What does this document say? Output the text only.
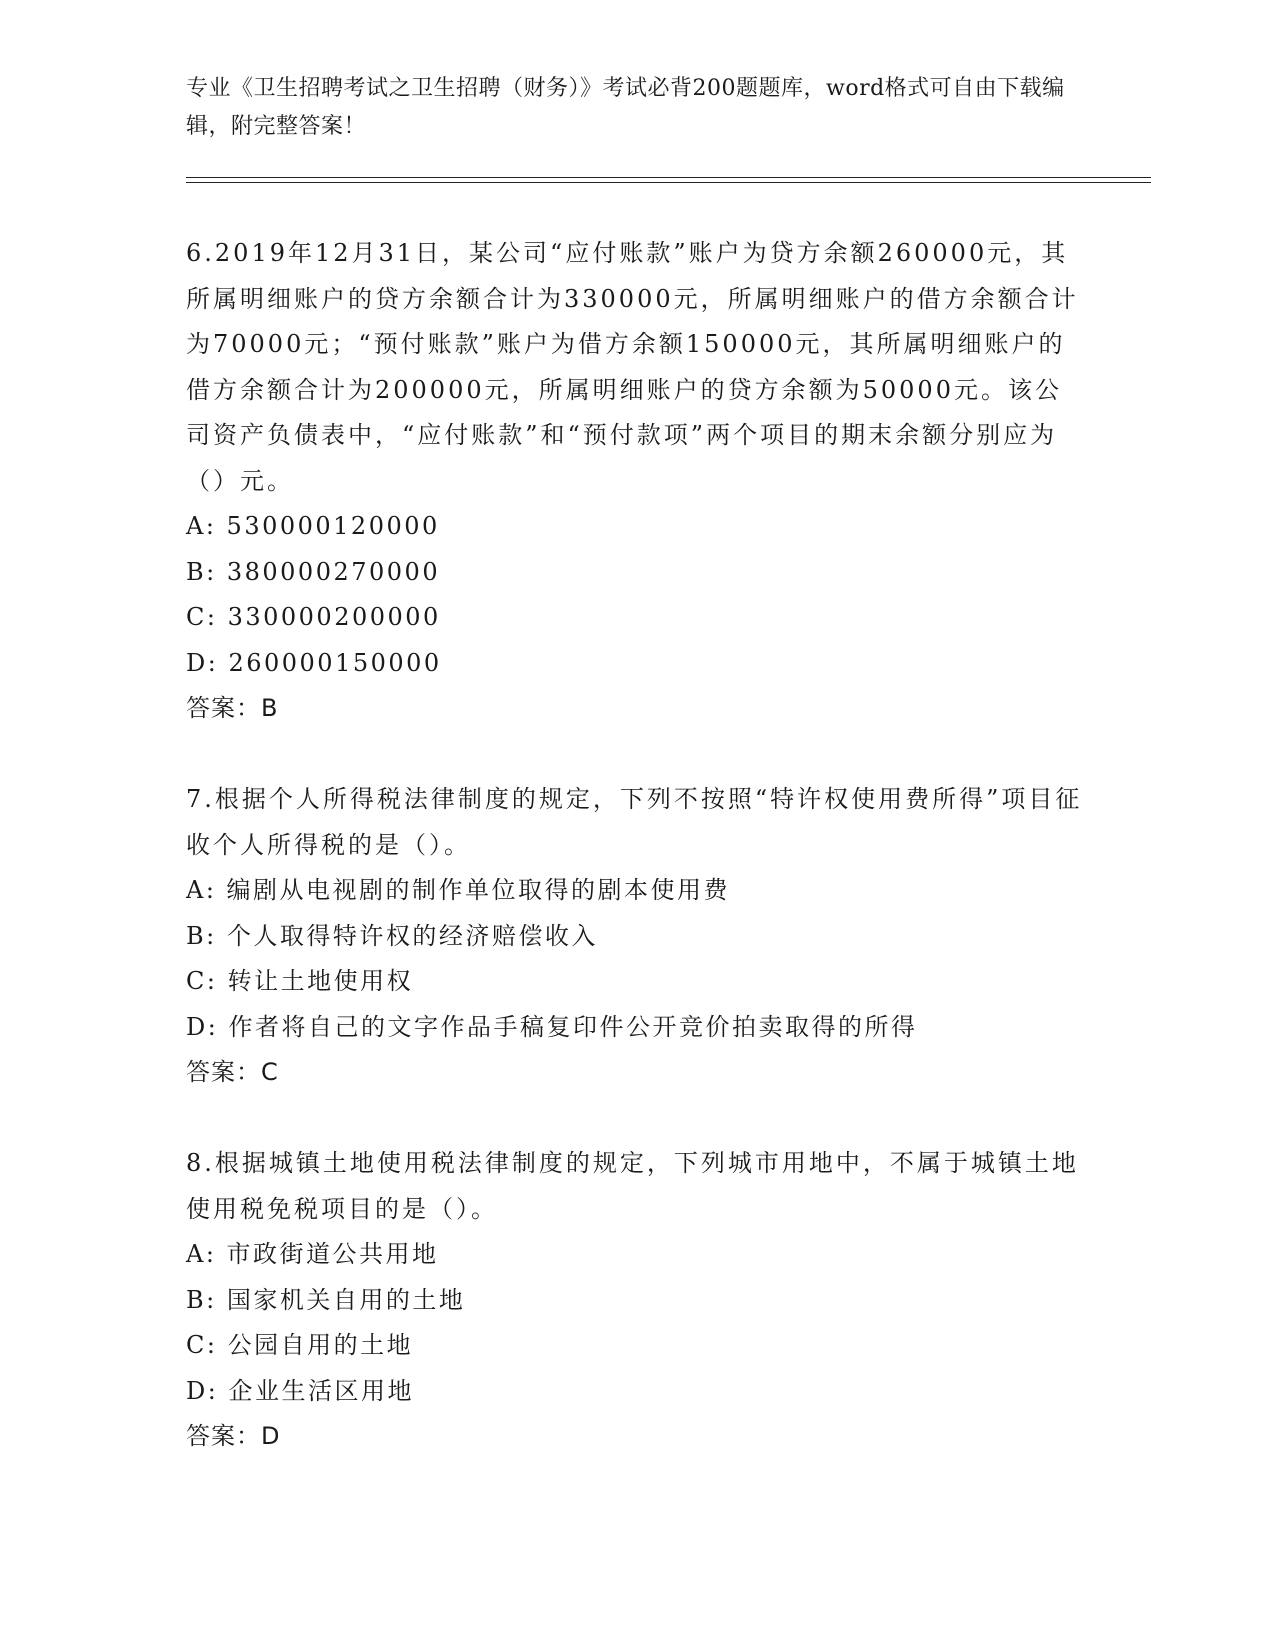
专业《卫生招聘考试之卫生招聘（财务）》考试必背200题题库，word格式可自由下载编辑，附完整答案！

6.2019年12月31日，某公司“应付账款”账户为贷方余额260000元，其所属明细账户的贷方余额合计为330000元，所属明细账户的借方余额合计为70000元；“预付账款”账户为借方余额150000元，其所属明细账户的借方余额合计为200000元，所属明细账户的贷方余额为50000元。该公司资产负债表中，“应付账款”和“预付款项”两个项目的期末余额分别应为（）元。

A: 530000120000

B: 380000270000

C: 330000200000

D: 260000150000

答案：B

7.根据个人所得税法律制度的规定，下列不按照“特许权使用费所得”项目征收个人所得税的是（）。

A: 编剧从电视剧的制作单位取得的剧本使用费

B: 个人取得特许权的经济赔偿收入

C: 转让土地使用权

D: 作者将自己的文字作品手稿复印件公开竞价拍卖取得的所得

答案：C

8.根据城镇土地使用税法律制度的规定，下列城市用地中，不属于城镇土地使用税免税项目的是（）。

A: 市政街道公共用地

B: 国家机关自用的土地

C: 公园自用的土地

D: 企业生活区用地

答案：D
